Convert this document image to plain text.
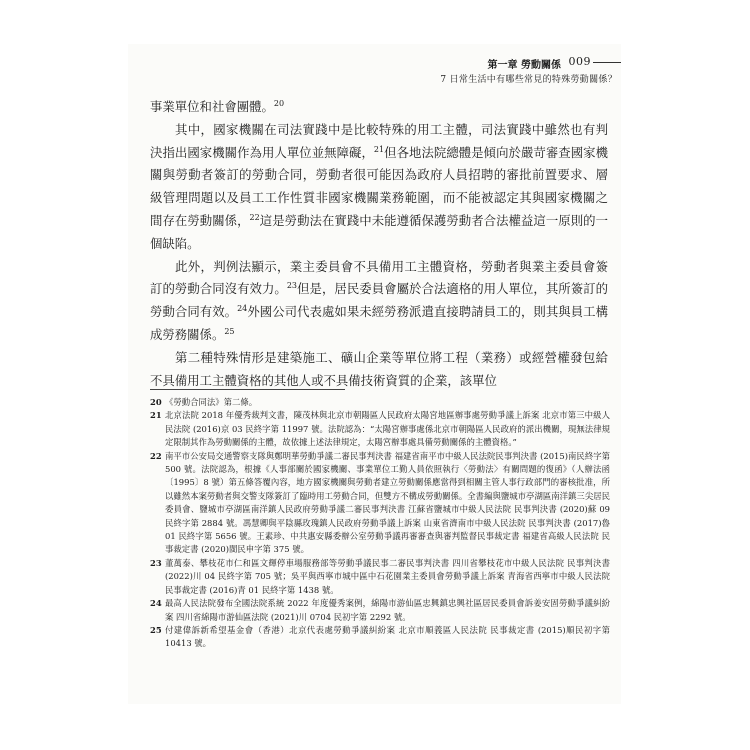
第一章 勞動關係 009
7 日常生活中有哪些常見的特殊勞動關係？

事業單位和社會團體。$^{20}$

其中，國家機關在司法實踐中是比較特殊的用工主體，司法實踐中雖然也有判決指出國家機關作為用人單位並無障礙，$^{21}$但各地法院總體是傾向於嚴苛審查國家機關與勞動者簽訂的勞動合同，勞動者很可能因為政府人員招聘的審批前置要求、層級管理問題以及員工工作性質非國家機關業務範圍，而不能被認定其與國家機關之間存在勞動關係，$^{22}$這是勞動法在實踐中未能遵循保護勞動者合法權益這一原則的一個缺陷。

此外，判例法顯示，業主委員會不具備用工主體資格，勞動者與業主委員會簽訂的勞動合同沒有效力。$^{23}$但是，居民委員會屬於合法適格的用人單位，其所簽訂的勞動合同有效。$^{24}$外國公司代表處如果未經勞務派遣直接聘請員工的，則其與員工構成勞務關係。$^{25}$

第二種特殊情形是建築施工、礦山企業等單位將工程（業務）或經營權發包給不具備用工主體資格的其他人或不具備技術資質的企業，該單位

20 《勞動合同法》第二條。
21 北京法院 2018 年優秀裁判文書，陳茂林與北京市朝陽區人民政府太陽宮地區辦事處勞動爭議上訴案 北京市第三中級人民法院 (2016)京 03 民終字第 11997 號。法院認為：“太陽宮辦事處係北京市朝陽區人民政府的派出機關，現無法律規定限制其作為勞動關係的主體，故依據上述法律規定，太陽宮辦事處具備勞動關係的主體資格。”
22 南平市公安局交通警察支隊與鄭明華勞動爭議二審民事判決書 福建省南平市中級人民法院民事判決書 (2015)南民終字第 500 號。法院認為，根據《人事部關於國家機關、事業單位工勤人員依照執行〈勞動法〉有關問題的復函》（人辦法函〔1995〕8 號）第五條答覆內容，地方國家機關與勞動者建立勞動關係應當得到相關主管人事行政部門的審核批准，所以雖然本案勞動者與交警支隊簽訂了臨時用工勞動合同，但雙方不構成勞動關係。全書編與鹽城市亭湖區南洋鎮三尖居民委員會、鹽城市亭湖區南洋鎮人民政府勞動爭議二審民事判決書 江蘇省鹽城市中級人民法院 民事判決書 (2020)蘇 09 民終字第 2884 號。馮慧卿與平陰縣玫瑰鎮人民政府勞動爭議上訴案 山東省濟南市中級人民法院 民事判決書 (2017)魯 01 民終字第 5656 號。王素珍、中共惠安縣委辦公室勞動爭議再審審查與審判監督民事裁定書 福建省高級人民法院 民事裁定書 (2020)閩民申字第 375 號。
23 董萬泰、攀枝花市仁和區文輝停車場服務部等勞動爭議民事二審民事判決書 四川省攀枝花市中級人民法院 民事判決書 (2022)川 04 民終字第 705 號；吳平與西寧市城中區中石花園業主委員會勞動爭議上訴案 青海省西寧市中級人民法院 民事裁定書 (2016)青 01 民終字第 1438 號。
24 最高人民法院發布全國法院系統 2022 年度優秀案例，綿陽市游仙區忠興鎮忠興社區居民委員會訴姜安固勞動爭議糾紛案 四川省綿陽市游仙區法院 (2021)川 0704 民初字第 2292 號。
25 付建偉訴新希望基金會（香港）北京代表處勞動爭議糾紛案 北京市順義區人民法院 民事裁定書 (2015)順民初字第 10413 號。
